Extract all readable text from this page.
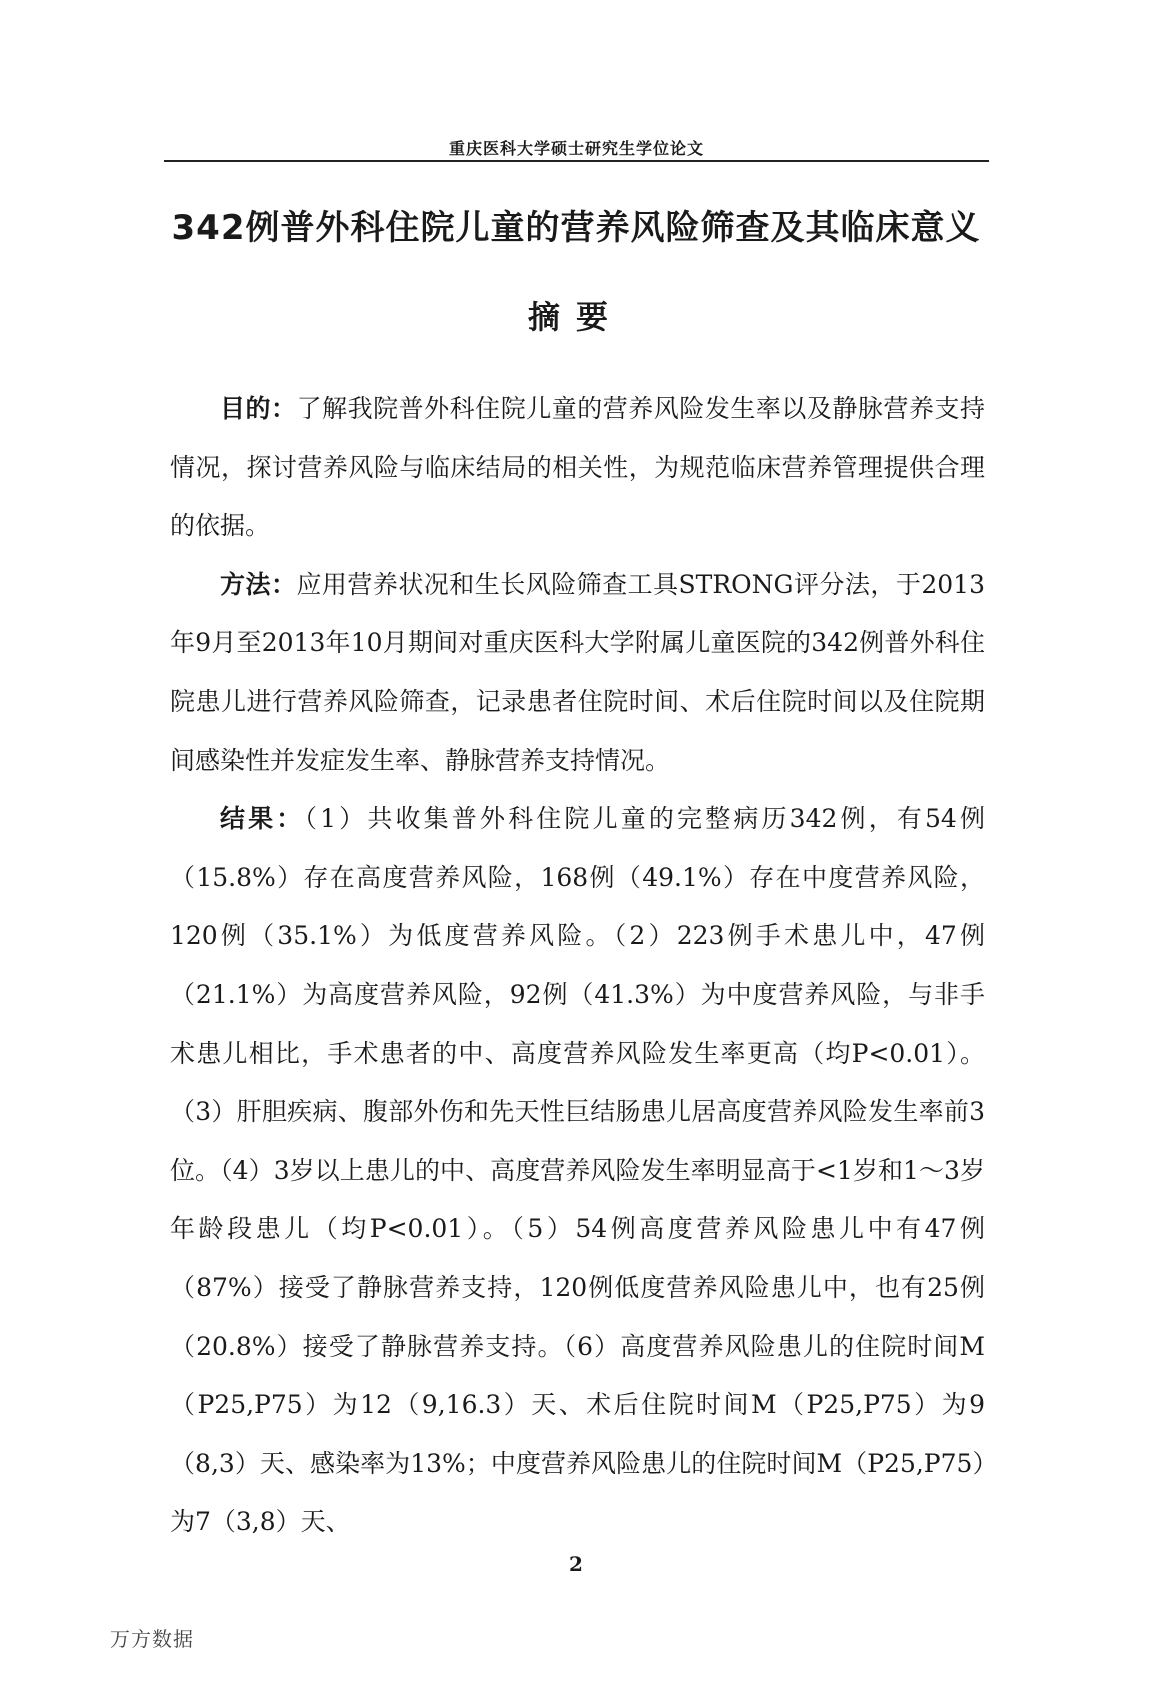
重庆医科大学硕士研究生学位论文
342例普外科住院儿童的营养风险筛查及其临床意义
摘要

目的：了解我院普外科住院儿童的营养风险发生率以及静脉营养支持情况，探讨营养风险与临床结局的相关性，为规范临床营养管理提供合理的依据。

方法：应用营养状况和生长风险筛查工具STRONG评分法，于2013年9月至2013年10月期间对重庆医科大学附属儿童医院的342例普外科住院患儿进行营养风险筛查，记录患者住院时间、术后住院时间以及住院期间感染性并发症发生率、静脉营养支持情况。

结果：（1）共收集普外科住院儿童的完整病历342例，有54例（15.8%）存在高度营养风险，168例（49.1%）存在中度营养风险，120例（35.1%）为低度营养风险。（2）223例手术患儿中，47例（21.1%）为高度营养风险，92例（41.3%）为中度营养风险，与非手术患儿相比，手术患者的中、高度营养风险发生率更高（均P<0.01）。（3）肝胆疾病、腹部外伤和先天性巨结肠患儿居高度营养风险发生率前3位。（4）3岁以上患儿的中、高度营养风险发生率明显高于<1岁和1～3岁年龄段患儿（均P<0.01）。（5）54例高度营养风险患儿中有47例（87%）接受了静脉营养支持，120例低度营养风险患儿中，也有25例（20.8%）接受了静脉营养支持。（6）高度营养风险患儿的住院时间M（P25,P75）为12（9,16.3）天、术后住院时间M（P25,P75）为9（8,3）天、感染率为13%；中度营养风险患儿的住院时间M（P25,P75）为7（3,8）天、

2
万方数据
